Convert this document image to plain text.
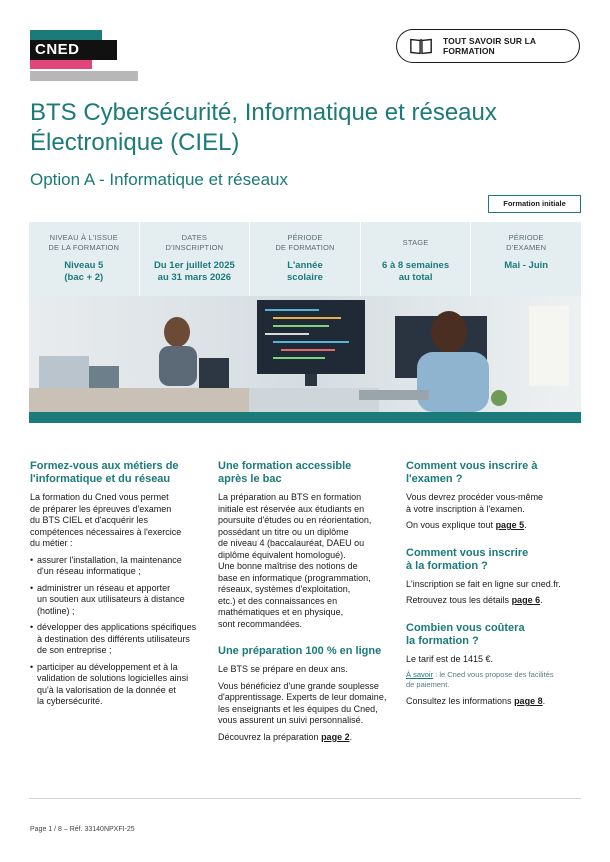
CNED	TOUT SAVOIR SUR LA FORMATION
BTS Cybersécurité, Informatique et réseaux
Électronique (CIEL)
Option A - Informatique et réseaux
Formation initiale
NIVEAU À L'ISSUE
DE LA FORMATION
Niveau 5
(bac + 2)
DATES
D'INSCRIPTION
Du 1er juillet 2025
au 31 mars 2026
PÉRIODE
DE FORMATION
L'année
scolaire
STAGE
6 à 8 semaines
au total
PÉRIODE
D'EXAMEN
Mai - Juin
Formez-vous aux métiers de
l'informatique et du réseau
La formation du Cned vous permet
de préparer les épreuves d'examen
du BTS CIEL et d'acquérir les
compétences nécessaires à l'exercice
du métier :
• assurer l'installation, la maintenance
d'un réseau informatique ;
• administrer un réseau et apporter
un soutien aux utilisateurs à distance
(hotline) ;
• développer des applications spécifiques
à destination des différents utilisateurs
de son entreprise ;
• participer au développement et à la
validation de solutions logicielles ainsi
qu'à la valorisation de la donnée et
la cybersécurité.
Une formation accessible
après le bac
La préparation au BTS en formation
initiale est réservée aux étudiants en
poursuite d'études ou en réorientation,
possédant un titre ou un diplôme
de niveau 4 (baccalauréat, DAEU ou
diplôme équivalent homologué).
Une bonne maîtrise des notions de
base en informatique (programmation,
réseaux, systèmes d'exploitation,
etc.) et des connaissances en
mathématiques et en physique,
sont recommandées.
Une préparation 100 % en ligne
Le BTS se prépare en deux ans.
Vous bénéficiez d'une grande souplesse
d'apprentissage. Experts de leur domaine,
les enseignants et les équipes du Cned,
vous assurent un suivi personnalisé.
Découvrez la préparation page 2.
Comment vous inscrire à l'examen ?
Vous devrez procéder vous-même
à votre inscription à l'examen.
On vous explique tout page 5.
Comment vous inscrire
à la formation ?
L'inscription se fait en ligne sur cned.fr.
Retrouvez tous les détails page 6.
Combien vous coûtera
la formation ?
Le tarif est de 1415 €.
À savoir : le Cned vous propose des facilités
de paiement.
Consultez les informations page 8.
Page 1 / 8 – Réf. 33140NPXFI-25
